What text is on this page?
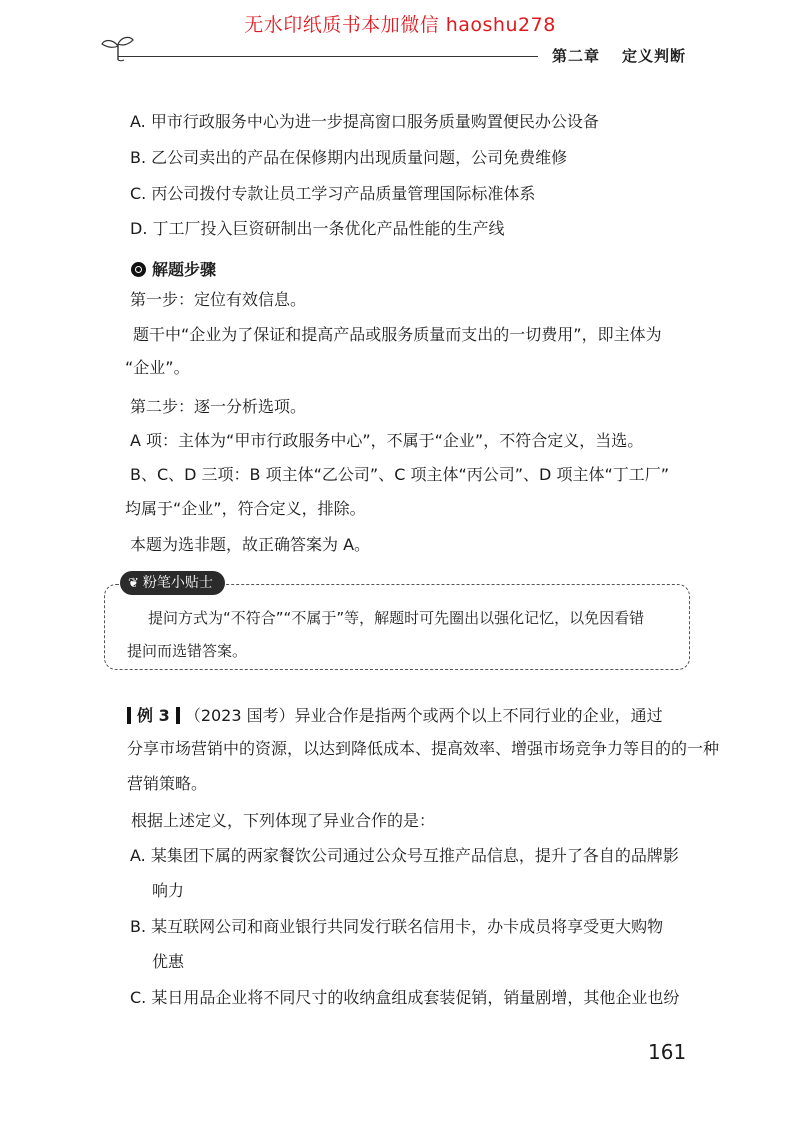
无水印纸质书本加微信 haoshu278
第二章 定义判断
A. 甲市行政服务中心为进一步提高窗口服务质量购置便民办公设备
B. 乙公司卖出的产品在保修期内出现质量问题，公司免费维修
C. 丙公司拨付专款让员工学习产品质量管理国际标准体系
D. 丁工厂投入巨资研制出一条优化产品性能的生产线
解题步骤
第一步：定位有效信息。
题干中“企业为了保证和提高产品或服务质量而支出的一切费用”，即主体为
“企业”。
第二步：逐一分析选项。
A 项：主体为“甲市行政服务中心”，不属于“企业”，不符合定义，当选。
B、C、D 三项：B 项主体“乙公司”、C 项主体“丙公司”、D 项主体“丁工厂”
均属于“企业”，符合定义，排除。
本题为选非题，故正确答案为 A。
❦ 粉笔小贴士
提问方式为“不符合”“不属于”等，解题时可先圈出以强化记忆，以免因看错
提问而选错答案。
例 3 （2023 国考）异业合作是指两个或两个以上不同行业的企业，通过
分享市场营销中的资源，以达到降低成本、提高效率、增强市场竞争力等目的的一种
营销策略。
根据上述定义，下列体现了异业合作的是：
A. 某集团下属的两家餐饮公司通过公众号互推产品信息，提升了各自的品牌影
响力
B. 某互联网公司和商业银行共同发行联名信用卡，办卡成员将享受更大购物
优惠
C. 某日用品企业将不同尺寸的收纳盒组成套装促销，销量剧增，其他企业也纷
161
